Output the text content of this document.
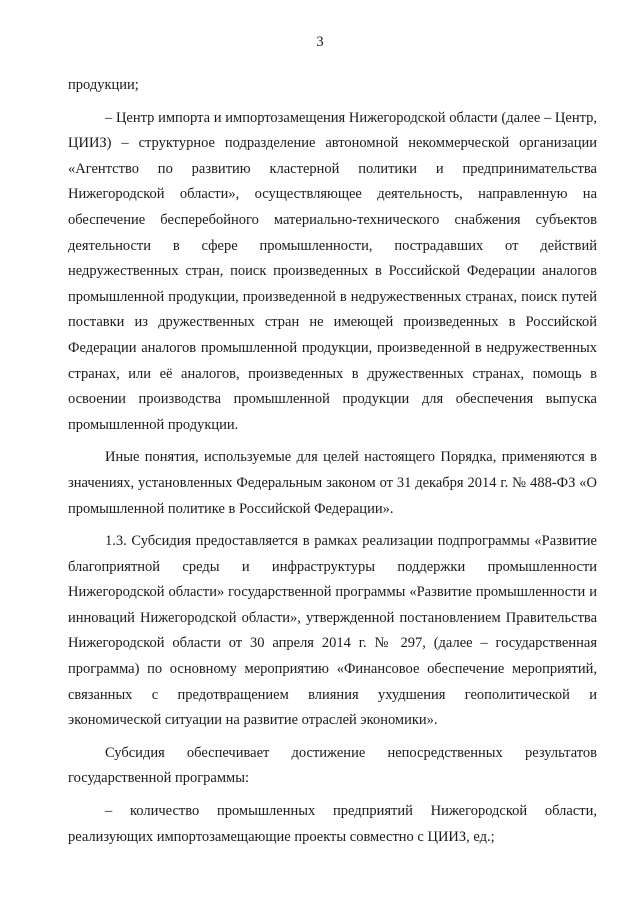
3

продукции;

– Центр импорта и импортозамещения Нижегородской области (далее – Центр, ЦИИЗ) – структурное подразделение автономной некоммерческой организации «Агентство по развитию кластерной политики и предпринимательства Нижегородской области», осуществляющее деятельность, направленную на обеспечение бесперебойного материально-технического снабжения субъектов деятельности в сфере промышленности, пострадавших от действий недружественных стран, поиск произведенных в Российской Федерации аналогов промышленной продукции, произведенной в недружественных странах, поиск путей поставки из дружественных стран не имеющей произведенных в Российской Федерации аналогов промышленной продукции, произведенной в недружественных странах, или её аналогов, произведенных в дружественных странах, помощь в освоении производства промышленной продукции для обеспечения выпуска промышленной продукции.

Иные понятия, используемые для целей настоящего Порядка, применяются в значениях, установленных Федеральным законом от 31 декабря 2014 г. № 488-ФЗ «О промышленной политике в Российской Федерации».

1.3. Субсидия предоставляется в рамках реализации подпрограммы «Развитие благоприятной среды и инфраструктуры поддержки промышленности Нижегородской области» государственной программы «Развитие промышленности и инноваций Нижегородской области», утвержденной постановлением Правительства Нижегородской области от 30 апреля 2014 г. № 297, (далее – государственная программа) по основному мероприятию «Финансовое обеспечение мероприятий, связанных с предотвращением влияния ухудшения геополитической и экономической ситуации на развитие отраслей экономики».

Субсидия обеспечивает достижение непосредственных результатов государственной программы:

– количество промышленных предприятий Нижегородской области, реализующих импортозамещающие проекты совместно с ЦИИЗ, ед.;
